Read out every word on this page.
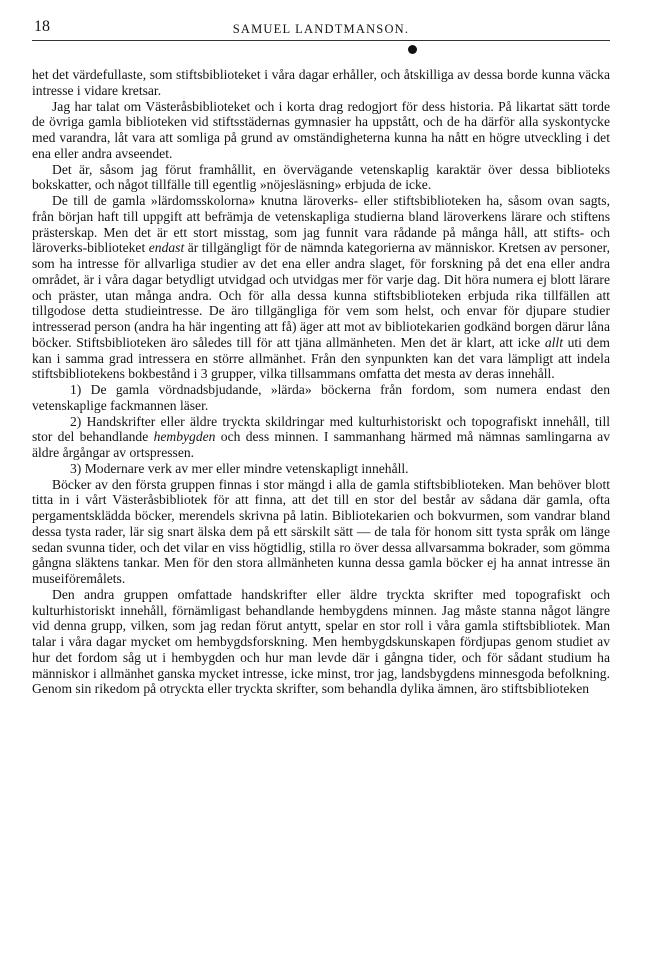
18	SAMUEL LANDTMANSON.

het det värdefullaste, som stiftsbiblioteket i våra dagar erhåller, och åtskilliga av dessa borde kunna väcka intresse i vidare kretsar.

Jag har talat om Västeråsbiblioteket och i korta drag redogjort för dess historia. På likartat sätt torde de övriga gamla biblioteken vid stiftsstädernas gymnasier ha uppstått, och de ha därför alla syskontycke med varandra, låt vara att somliga på grund av omständigheterna kunna ha nått en högre utveckling i det ena eller andra avseendet.

Det är, såsom jag förut framhållit, en övervägande vetenskaplig karaktär över dessa biblioteks bokskatter, och något tillfälle till egentlig »nöjesläsning» erbjuda de icke.

De till de gamla »lärdomsskolorna» knutna läroverks- eller stiftsbiblioteken ha, såsom ovan sagts, från början haft till uppgift att befrämja de vetenskapliga studierna bland läroverkens lärare och stiftens prästerskap. Men det är ett stort misstag, som jag funnit vara rådande på många håll, att stifts- och läroverks-biblioteket endast är tillgängligt för de nämnda kategorierna av människor. Kretsen av personer, som ha intresse för allvarliga studier av det ena eller andra slaget, för forskning på det ena eller andra området, är i våra dagar betydligt utvidgad och utvidgas mer för varje dag. Dit höra numera ej blott lärare och präster, utan många andra. Och för alla dessa kunna stiftsbiblioteken erbjuda rika tillfällen att tillgodose detta studieintresse. De äro tillgängliga för vem som helst, och envar för djupare studier intresserad person (andra ha här ingenting att få) äger att mot av bibliotekarien godkänd borgen därur låna böcker. Stiftsbiblioteken äro således till för att tjäna allmänheten. Men det är klart, att icke allt uti dem kan i samma grad intressera en större allmänhet. Från den synpunkten kan det vara lämpligt att indela stiftsbibliotekens bokbestånd i 3 grupper, vilka tillsammans omfatta det mesta av deras innehåll.

1) De gamla vördnadsbjudande, »lärda» böckerna från fordom, som numera endast den vetenskaplige fackmannen läser.

2) Handskrifter eller äldre tryckta skildringar med kulturhistoriskt och topografiskt innehåll, till stor del behandlande hembygden och dess minnen. I sammanhang härmed må nämnas samlingarna av äldre årgångar av ortspressen.

3) Modernare verk av mer eller mindre vetenskapligt innehåll.

Böcker av den första gruppen finnas i stor mängd i alla de gamla stiftsbiblioteken. Man behöver blott titta in i vårt Västeråsbibliotek för att finna, att det till en stor del består av sådana där gamla, ofta pergamentsklädda böcker, merendels skrivna på latin. Bibliotekarien och bokvurmen, som vandrar bland dessa tysta rader, lär sig snart älska dem på ett särskilt sätt — de tala för honom sitt tysta språk om länge sedan svunna tider, och det vilar en viss högtidlig, stilla ro över dessa allvarsamma bokrader, som gömma gångna släktens tankar. Men för den stora allmänheten kunna dessa gamla böcker ej ha annat intresse än museiföremålets.

Den andra gruppen omfattade handskrifter eller äldre tryckta skrifter med topografiskt och kulturhistoriskt innehåll, förnämligast behandlande hembygdens minnen. Jag måste stanna något längre vid denna grupp, vilken, som jag redan förut antytt, spelar en stor roll i våra gamla stiftsbibliotek. Man talar i våra dagar mycket om hembygdsforskning. Men hembygdskunskapen fördjupas genom studiet av hur det fordom såg ut i hembygden och hur man levde där i gångna tider, och för sådant studium ha människor i allmänhet ganska mycket intresse, icke minst, tror jag, landsbygdens minnesgoda befolkning. Genom sin rikedom på otryckta eller tryckta skrifter, som behandla dylika ämnen, äro stiftsbiblioteken
